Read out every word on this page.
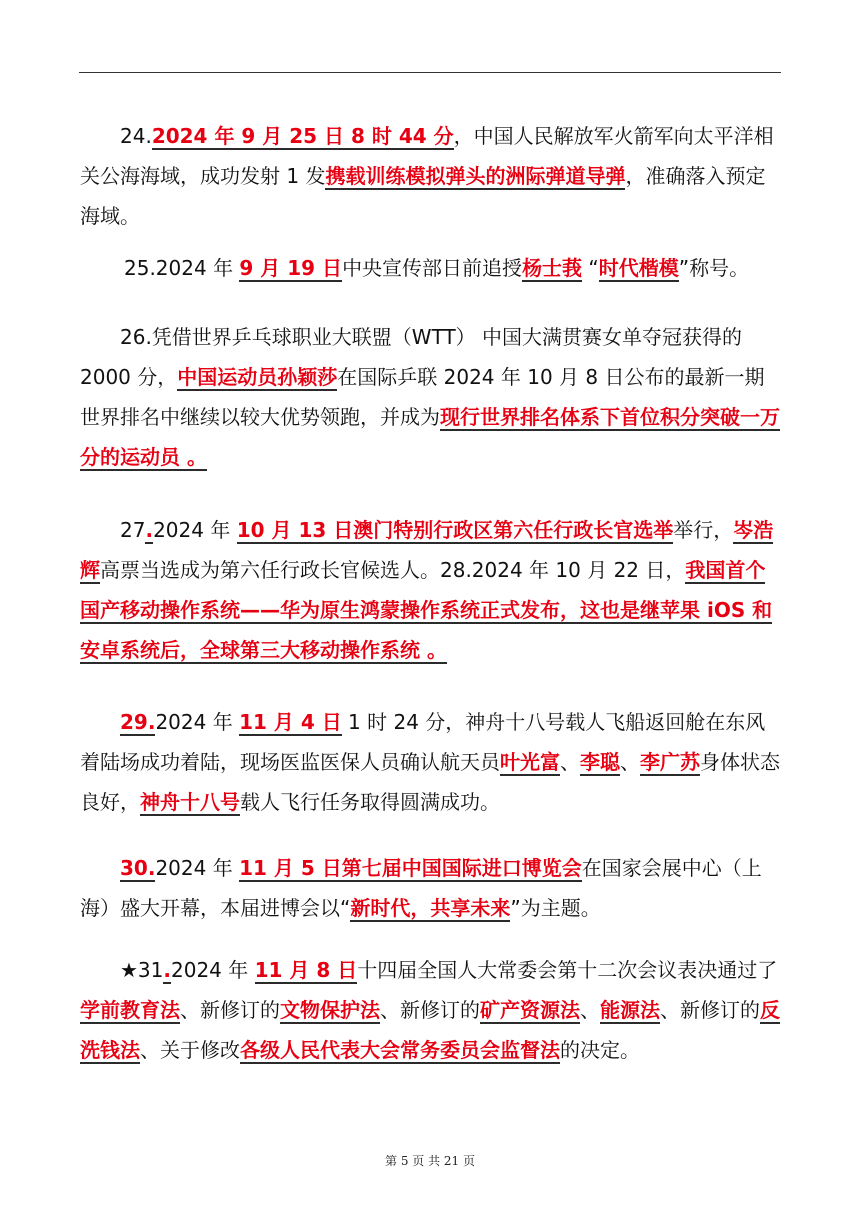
24.2024 年 9 月 25 日 8 时 44 分，中国人民解放军火箭军向太平洋相关公海海域，成功发射 1 发携载训练模拟弹头的洲际弹道导弹，准确落入预定海域。

25.2024 年 9 月 19 日中央宣传部日前追授杨士莪 “时代楷模”称号。

26.凭借世界乒乓球职业大联盟（WTT） 中国大满贯赛女单夺冠获得的 2000 分，中国运动员孙颖莎在国际乒联 2024 年 10 月 8 日公布的最新一期世界排名中继续以较大优势领跑，并成为现行世界排名体系下首位积分突破一万分的运动员 。

27.2024 年 10 月 13 日澳门特别行政区第六任行政长官选举举行，岑浩辉高票当选成为第六任行政长官候选人。28.2024 年 10 月 22 日，我国首个国产移动操作系统——华为原生鸿蒙操作系统正式发布，这也是继苹果 iOS 和安卓系统后，全球第三大移动操作系统 。

29.2024 年 11 月 4 日 1 时 24 分，神舟十八号载人飞船返回舱在东风着陆场成功着陆，现场医监医保人员确认航天员叶光富、李聪、李广苏身体状态良好，神舟十八号载人飞行任务取得圆满成功。

30.2024 年 11 月 5 日第七届中国国际进口博览会在国家会展中心（上海）盛大开幕，本届进博会以“新时代，共享未来”为主题。

★31.2024 年 11 月 8 日十四届全国人大常委会第十二次会议表决通过了学前教育法、新修订的文物保护法、新修订的矿产资源法、能源法、新修订的反洗钱法、关于修改各级人民代表大会常务委员会监督法的决定。

第 5 页 共 21 页
